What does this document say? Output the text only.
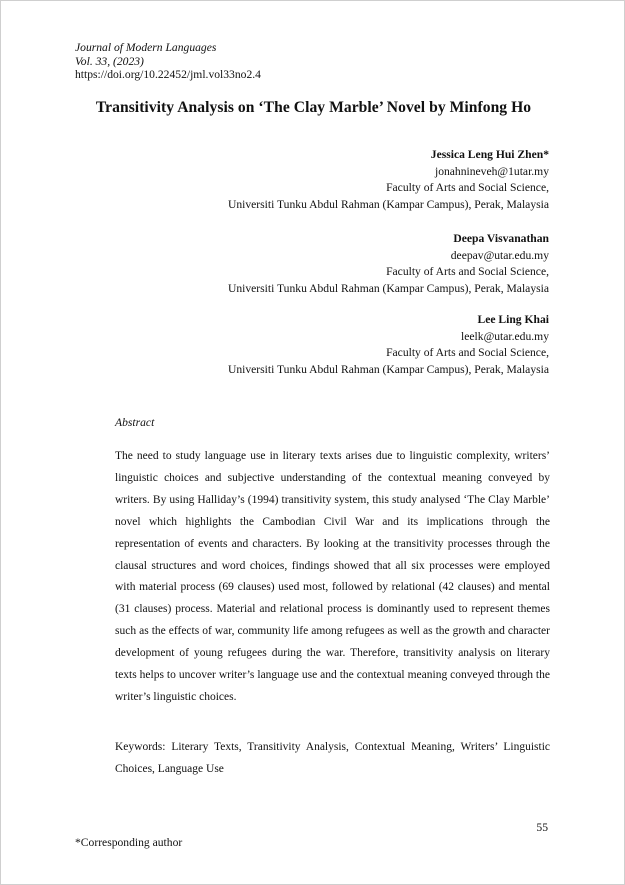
Journal of Modern Languages
Vol. 33, (2023)
https://doi.org/10.22452/jml.vol33no2.4
Transitivity Analysis on ‘The Clay Marble’ Novel by Minfong Ho
Jessica Leng Hui Zhen*
jonahnineveh@1utar.my
Faculty of Arts and Social Science,
Universiti Tunku Abdul Rahman (Kampar Campus), Perak, Malaysia
Deepa Visvanathan
deepav@utar.edu.my
Faculty of Arts and Social Science,
Universiti Tunku Abdul Rahman (Kampar Campus), Perak, Malaysia
Lee Ling Khai
leelk@utar.edu.my
Faculty of Arts and Social Science,
Universiti Tunku Abdul Rahman (Kampar Campus), Perak, Malaysia
Abstract
The need to study language use in literary texts arises due to linguistic complexity, writers’ linguistic choices and subjective understanding of the contextual meaning conveyed by writers. By using Halliday’s (1994) transitivity system, this study analysed ‘The Clay Marble’ novel which highlights the Cambodian Civil War and its implications through the representation of events and characters. By looking at the transitivity processes through the clausal structures and word choices, findings showed that all six processes were employed with material process (69 clauses) used most, followed by relational (42 clauses) and mental (31 clauses) process. Material and relational process is dominantly used to represent themes such as the effects of war, community life among refugees as well as the growth and character development of young refugees during the war. Therefore, transitivity analysis on literary texts helps to uncover writer’s language use and the contextual meaning conveyed through the writer’s linguistic choices.
Keywords: Literary Texts, Transitivity Analysis, Contextual Meaning, Writers’ Linguistic Choices, Language Use
55
*Corresponding author
